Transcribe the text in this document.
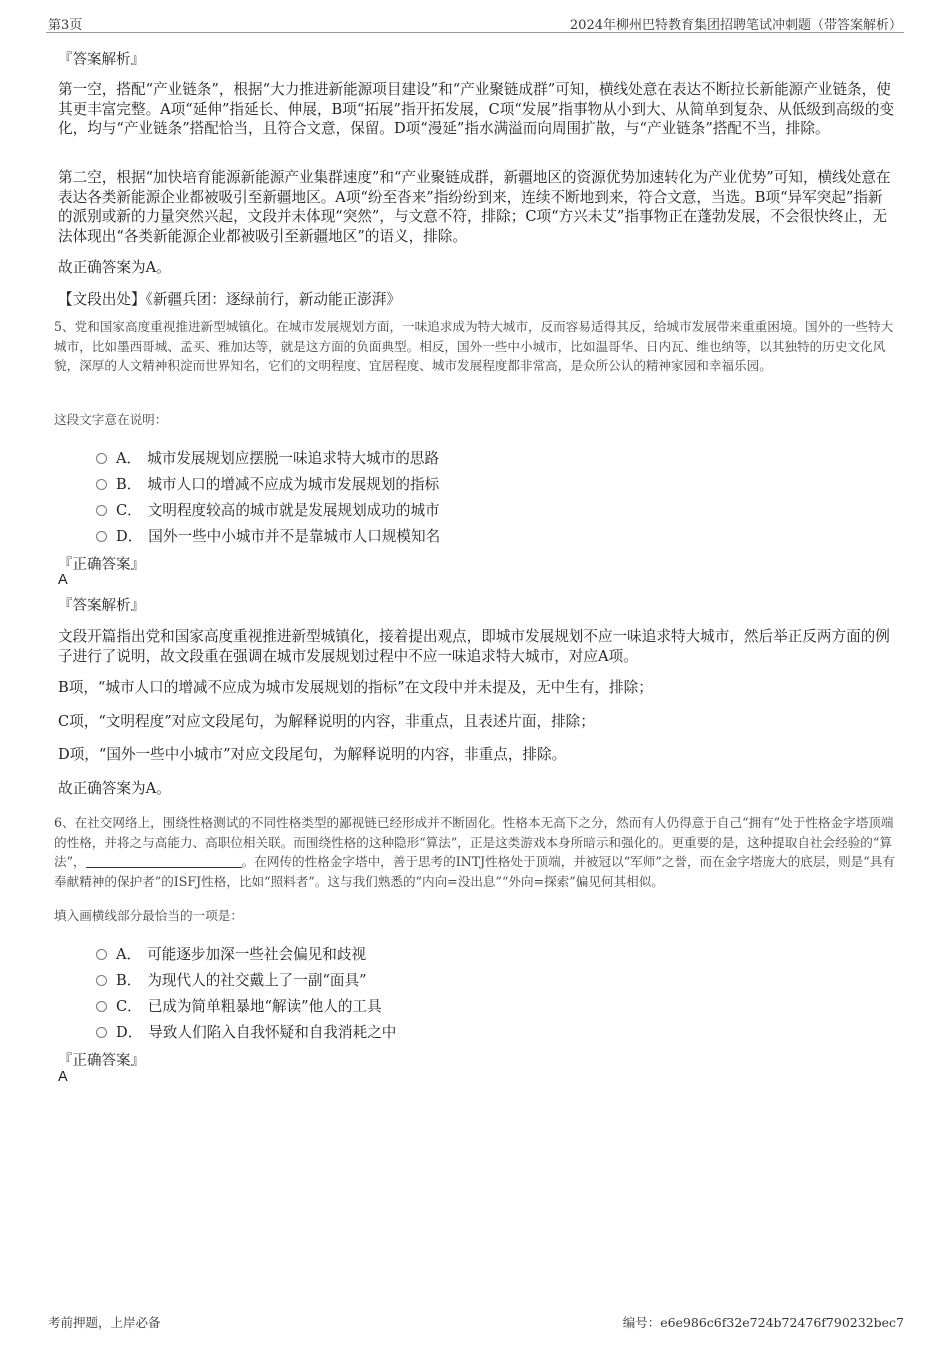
第3页	2024年柳州巴特教育集团招聘笔试冲刺题（带答案解析）
『答案解析』
第一空，搭配“产业链条”，根据“大力推进新能源项目建设”和“产业聚链成群”可知，横线处意在表达不断拉长新能源产业链条，使其更丰富完整。A项“延伸”指延长、伸展，B项“拓展”指开拓发展，C项“发展”指事物从小到大、从简单到复杂、从低级到高级的变化，均与“产业链条”搭配恰当，且符合文意，保留。D项“漫延”指水满溢而向周围扩散，与“产业链条”搭配不当，排除。
第二空，根据“加快培育能源新能源产业集群速度”和“产业聚链成群，新疆地区的资源优势加速转化为产业优势”可知，横线处意在表达各类新能源企业都被吸引至新疆地区。A项“纷至沓来”指纷纷到来，连续不断地到来，符合文意，当选。B项“异军突起”指新的派别或新的力量突然兴起，文段并未体现“突然”，与文意不符，排除；C项“方兴未艾”指事物正在蓬勃发展，不会很快终止，无法体现出“各类新能源企业都被吸引至新疆地区”的语义，排除。
故正确答案为A。
【文段出处】《新疆兵团：逐绿前行，新动能正澎湃》
5、党和国家高度重视推进新型城镇化。在城市发展规划方面，一味追求成为特大城市，反而容易适得其反，给城市发展带来重重困境。国外的一些特大城市，比如墨西哥城、孟买、雅加达等，就是这方面的负面典型。相反，国外一些中小城市，比如温哥华、日内瓦、维也纳等，以其独特的历史文化风貌，深厚的人文精神积淀而世界知名，它们的文明程度、宜居程度、城市发展程度都非常高，是众所公认的精神家园和幸福乐园。
这段文字意在说明：
A． 城市发展规划应摆脱一味追求特大城市的思路
B． 城市人口的增减不应成为城市发展规划的指标
C． 文明程度较高的城市就是发展规划成功的城市
D． 国外一些中小城市并不是靠城市人口规模知名
『正确答案』
A
『答案解析』
文段开篇指出党和国家高度重视推进新型城镇化，接着提出观点，即城市发展规划不应一味追求特大城市，然后举正反两方面的例子进行了说明，故文段重在强调在城市发展规划过程中不应一味追求特大城市，对应A项。
B项，“城市人口的增减不应成为城市发展规划的指标”在文段中并未提及，无中生有，排除；
C项，“文明程度”对应文段尾句，为解释说明的内容，非重点，且表述片面，排除；
D项，“国外一些中小城市”对应文段尾句，为解释说明的内容，非重点，排除。
故正确答案为A。
6、在社交网络上，围绕性格测试的不同性格类型的鄙视链已经形成并不断固化。性格本无高下之分，然而有人仍得意于自己“拥有”处于性格金字塔顶端的性格，并将之与高能力、高职位相关联。而围绕性格的这种隐形“算法”，正是这类游戏本身所暗示和强化的。更重要的是，这种提取自社会经验的“算法”，	。在网传的性格金字塔中，善于思考的INTJ性格处于顶端，并被冠以“军师”之誉，而在金字塔庞大的底层，则是“具有奉献精神的保护者”的ISFJ性格，比如“照料者”。这与我们熟悉的“内向=没出息”“外向=探索”偏见何其相似。
填入画横线部分最恰当的一项是：
A． 可能逐步加深一些社会偏见和歧视
B． 为现代人的社交戴上了一副“面具”
C． 已成为简单粗暴地“解读”他人的工具
D． 导致人们陷入自我怀疑和自我消耗之中
『正确答案』
A
考前押题，上岸必备	编号：e6e986c6f32e724b72476f790232bec7
